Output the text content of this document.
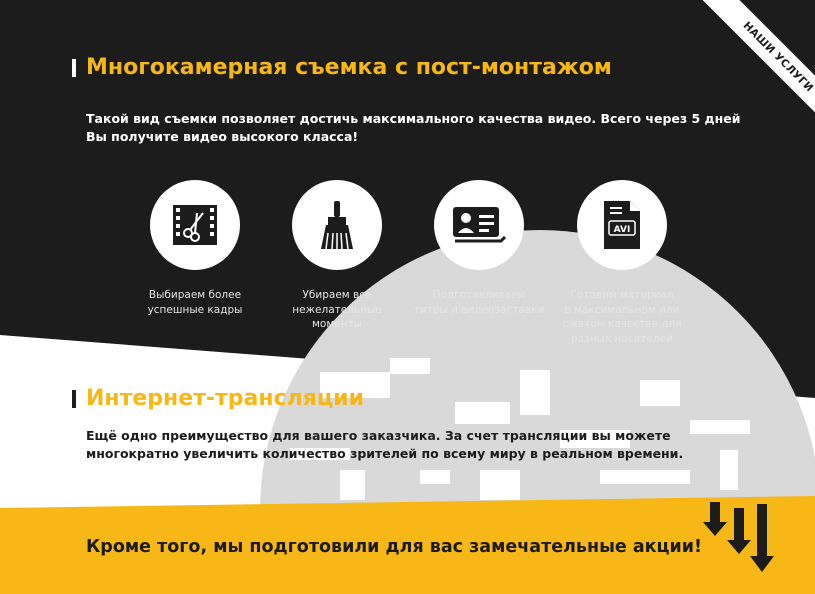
НАШИ УСЛУГИ
Многокамерная съемка с пост-монтажом
Такой вид съемки позволяет достичь максимального качества видео. Всего через 5 дней
Вы получите видео высокого класса!
Выбираем более
успешные кадры
Убираем все
нежелательные
моменты
Подготавливаем
титры и видеозаставки
AVI
Готовим материал
в максимальном или
сжатом качестве для
разных носителей
Интернет-трансляции
Ещё одно преимущество для вашего заказчика. За счет трансляции вы можете
многократно увеличить количество зрителей по всему миру в реальном времени.
Кроме того, мы подготовили для вас замечательные акции!
